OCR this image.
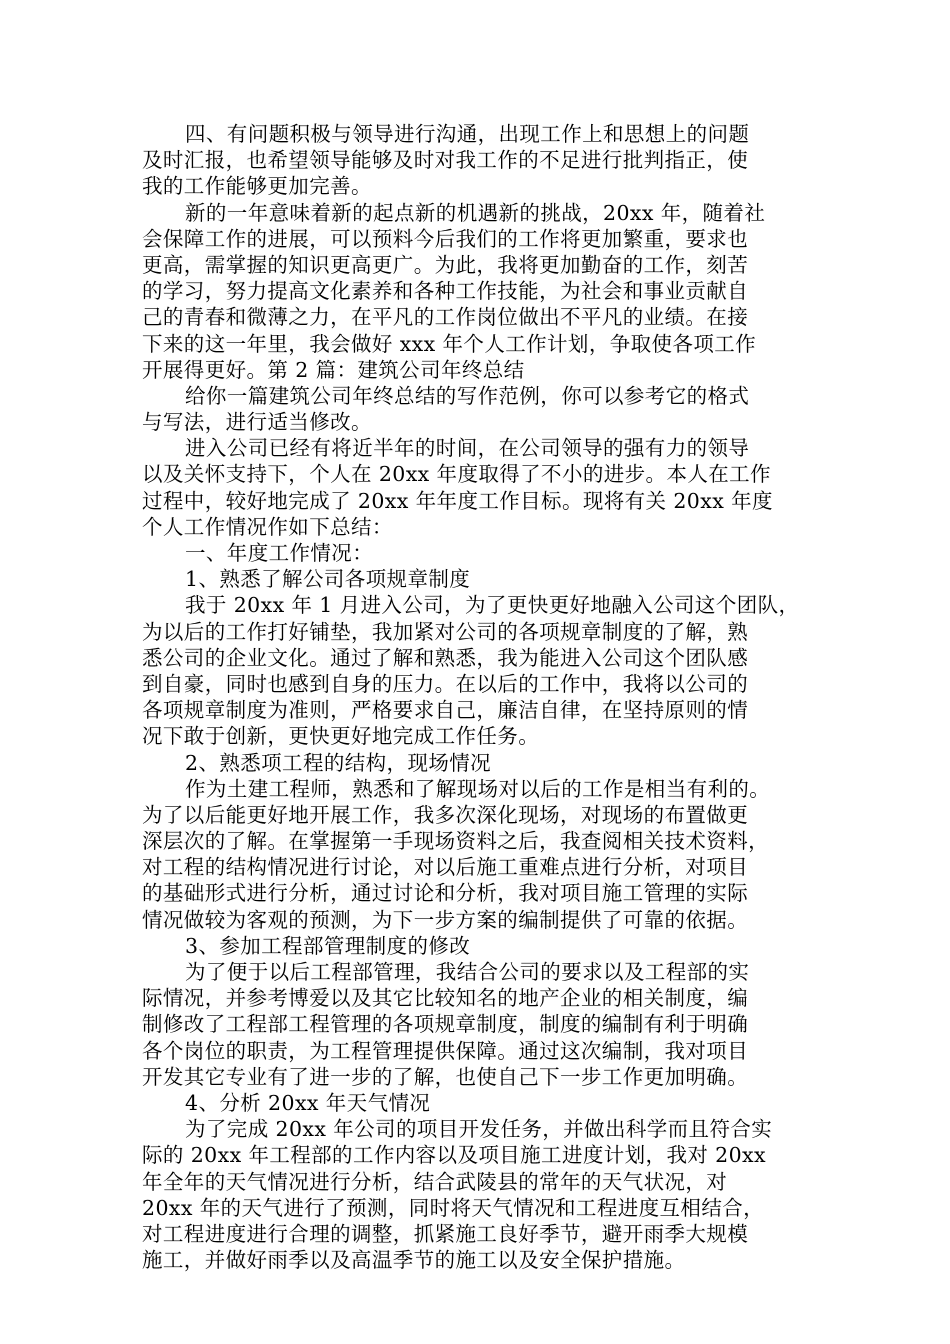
四、有问题积极与领导进行沟通，出现工作上和思想上的问题
及时汇报，也希望领导能够及时对我工作的不足进行批判指正，使
我的工作能够更加完善。
新的一年意味着新的起点新的机遇新的挑战，20xx 年，随着社
会保障工作的进展，可以预料今后我们的工作将更加繁重，要求也
更高，需掌握的知识更高更广。为此，我将更加勤奋的工作，刻苦
的学习，努力提高文化素养和各种工作技能，为社会和事业贡献自
己的青春和微薄之力，在平凡的工作岗位做出不平凡的业绩。在接
下来的这一年里，我会做好 xxx 年个人工作计划，争取使各项工作
开展得更好。第 2 篇：建筑公司年终总结
给你一篇建筑公司年终总结的写作范例，你可以参考它的格式
与写法，进行适当修改。
进入公司已经有将近半年的时间，在公司领导的强有力的领导
以及关怀支持下，个人在 20xx 年度取得了不小的进步。本人在工作
过程中，较好地完成了 20xx 年年度工作目标。现将有关 20xx 年度
个人工作情况作如下总结：
一、年度工作情况：
1、熟悉了解公司各项规章制度
我于 20xx 年 1 月进入公司，为了更快更好地融入公司这个团队，
为以后的工作打好铺垫，我加紧对公司的各项规章制度的了解，熟
悉公司的企业文化。通过了解和熟悉，我为能进入公司这个团队感
到自豪，同时也感到自身的压力。在以后的工作中，我将以公司的
各项规章制度为准则，严格要求自己，廉洁自律，在坚持原则的情
况下敢于创新，更快更好地完成工作任务。
2、熟悉项工程的结构，现场情况
作为土建工程师，熟悉和了解现场对以后的工作是相当有利的。
为了以后能更好地开展工作，我多次深化现场，对现场的布置做更
深层次的了解。在掌握第一手现场资料之后，我查阅相关技术资料，
对工程的结构情况进行讨论，对以后施工重难点进行分析，对项目
的基础形式进行分析，通过讨论和分析，我对项目施工管理的实际
情况做较为客观的预测，为下一步方案的编制提供了可靠的依据。
3、参加工程部管理制度的修改
为了便于以后工程部管理，我结合公司的要求以及工程部的实
际情况，并参考博爱以及其它比较知名的地产企业的相关制度，编
制修改了工程部工程管理的各项规章制度，制度的编制有利于明确
各个岗位的职责，为工程管理提供保障。通过这次编制，我对项目
开发其它专业有了进一步的了解，也使自己下一步工作更加明确。
4、分析 20xx 年天气情况
为了完成 20xx 年公司的项目开发任务，并做出科学而且符合实
际的 20xx 年工程部的工作内容以及项目施工进度计划，我对 20xx
年全年的天气情况进行分析，结合武陵县的常年的天气状况，对
20xx 年的天气进行了预测，同时将天气情况和工程进度互相结合，
对工程进度进行合理的调整，抓紧施工良好季节，避开雨季大规模
施工，并做好雨季以及高温季节的施工以及安全保护措施。
